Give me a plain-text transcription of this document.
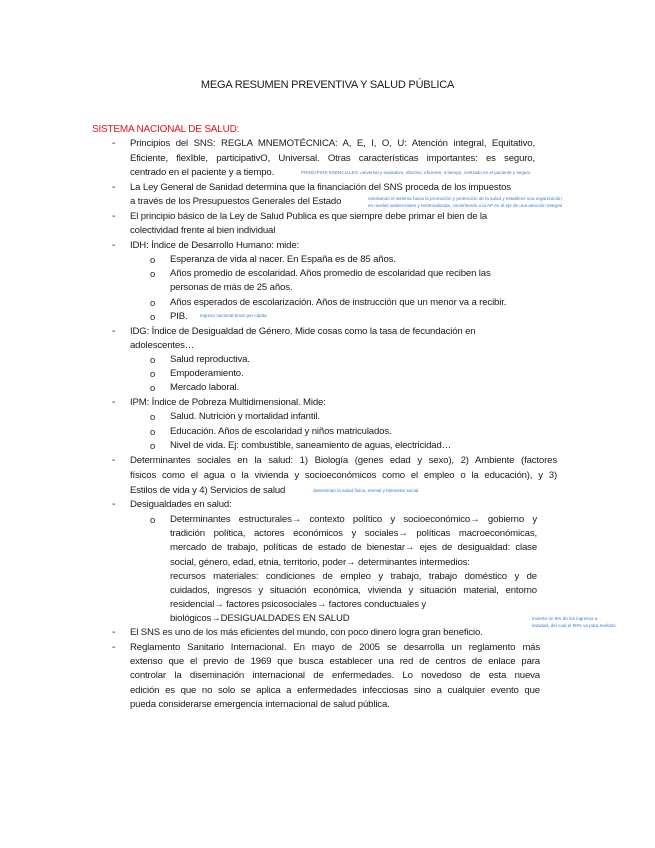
MEGA RESUMEN PREVENTIVA Y SALUD PÚBLICA
SISTEMA NACIONAL DE SALUD:
- Principios del SNS: REGLA MNEMOTÉCNICA: A, E, I, O, U: Atención integral, Equitativo,
Eficiente, flexIble, participativO, Universal. Otras características importantes: es seguro,
centrado en el paciente y a tiempo.	PRINCIPIOS ESENCIALES: universal y equitativo, efectivo, eficiente, a tiempo, centrado en el paciente y seguro
- La Ley General de Sanidad determina que la financiación del SNS proceda de los impuestos
a través de los Presupuestos Generales del Estado	orientando el sistema hacia la promoción y protección de la salud y establece una organización
en niveles asistenciales y territorializada, convirtiendo a la AP en el eje de una atención integral
- El principio básico de la Ley de Salud Publica es que siempre debe primar el bien de la
colectividad frente al bien individual
- IDH: Índice de Desarrollo Humano: mide:
o Esperanza de vida al nacer. En España es de 85 años.
o Años promedio de escolaridad. Años promedio de escolaridad que reciben las
personas de más de 25 años.
o Años esperados de escolarización. Años de instrucción que un menor va a recibir.
o PIB.	ingreso nacional bruto per cápita
- IDG: Índice de Desigualdad de Género. Mide cosas como la tasa de fecundación en
adolescentes…
o Salud reproductiva.
o Empoderamiento.
o Mercado laboral.
- IPM: Índice de Pobreza Multidimensional. Mide:
o Salud. Nutrición y mortalidad infantil.
o Educación. Años de escolaridad y niños matriculados.
o Nivel de vida. Ej: combustible, saneamiento de aguas, electricidad…
- Determinantes sociales en la salud: 1) Biología (genes edad y sexo), 2) Ambiente (factores
físicos como el agua o la vivienda y socioeconómicos como el empleo o la educación), y 3)
Estilos de vida y 4) Servicios de salud	determinan la salud física, mental y bienestar social
- Desigualdades en salud:
o Determinantes estructurales→ contexto político y socioeconómico→ gobierno y
tradición política, actores económicos y sociales→ políticas macroeconómicas,
mercado de trabajo, políticas de estado de bienestar→ ejes de desigualdad: clase
social, género, edad, etnia, territorio, poder→ determinantes intermedios:
recursos materiales: condiciones de empleo y trabajo, trabajo doméstico y de
cuidados, ingresos y situación económica, vivienda y situación material, entorno
residencial→ factores psicosociales→ factores conductuales y
biológicos→DESIGUALDADES EN SALUD
- El SNS es uno de los más eficientes del mundo, con poco dinero logra gran beneficio.
Invierte un 6% de los ingresos a
sanidad, del cual el 80% va para sueldos
- Reglamento Sanitario Internacional. En mayo de 2005 se desarrolla un reglamento más
extenso que el previo de 1969 que busca establecer una red de centros de enlace para
controlar la diseminación internacional de enfermedades. Lo novedoso de esta nueva
edición es que no solo se aplica a enfermedades infecciosas sino a cualquier evento que
pueda considerarse emergencia internacional de salud pública.
